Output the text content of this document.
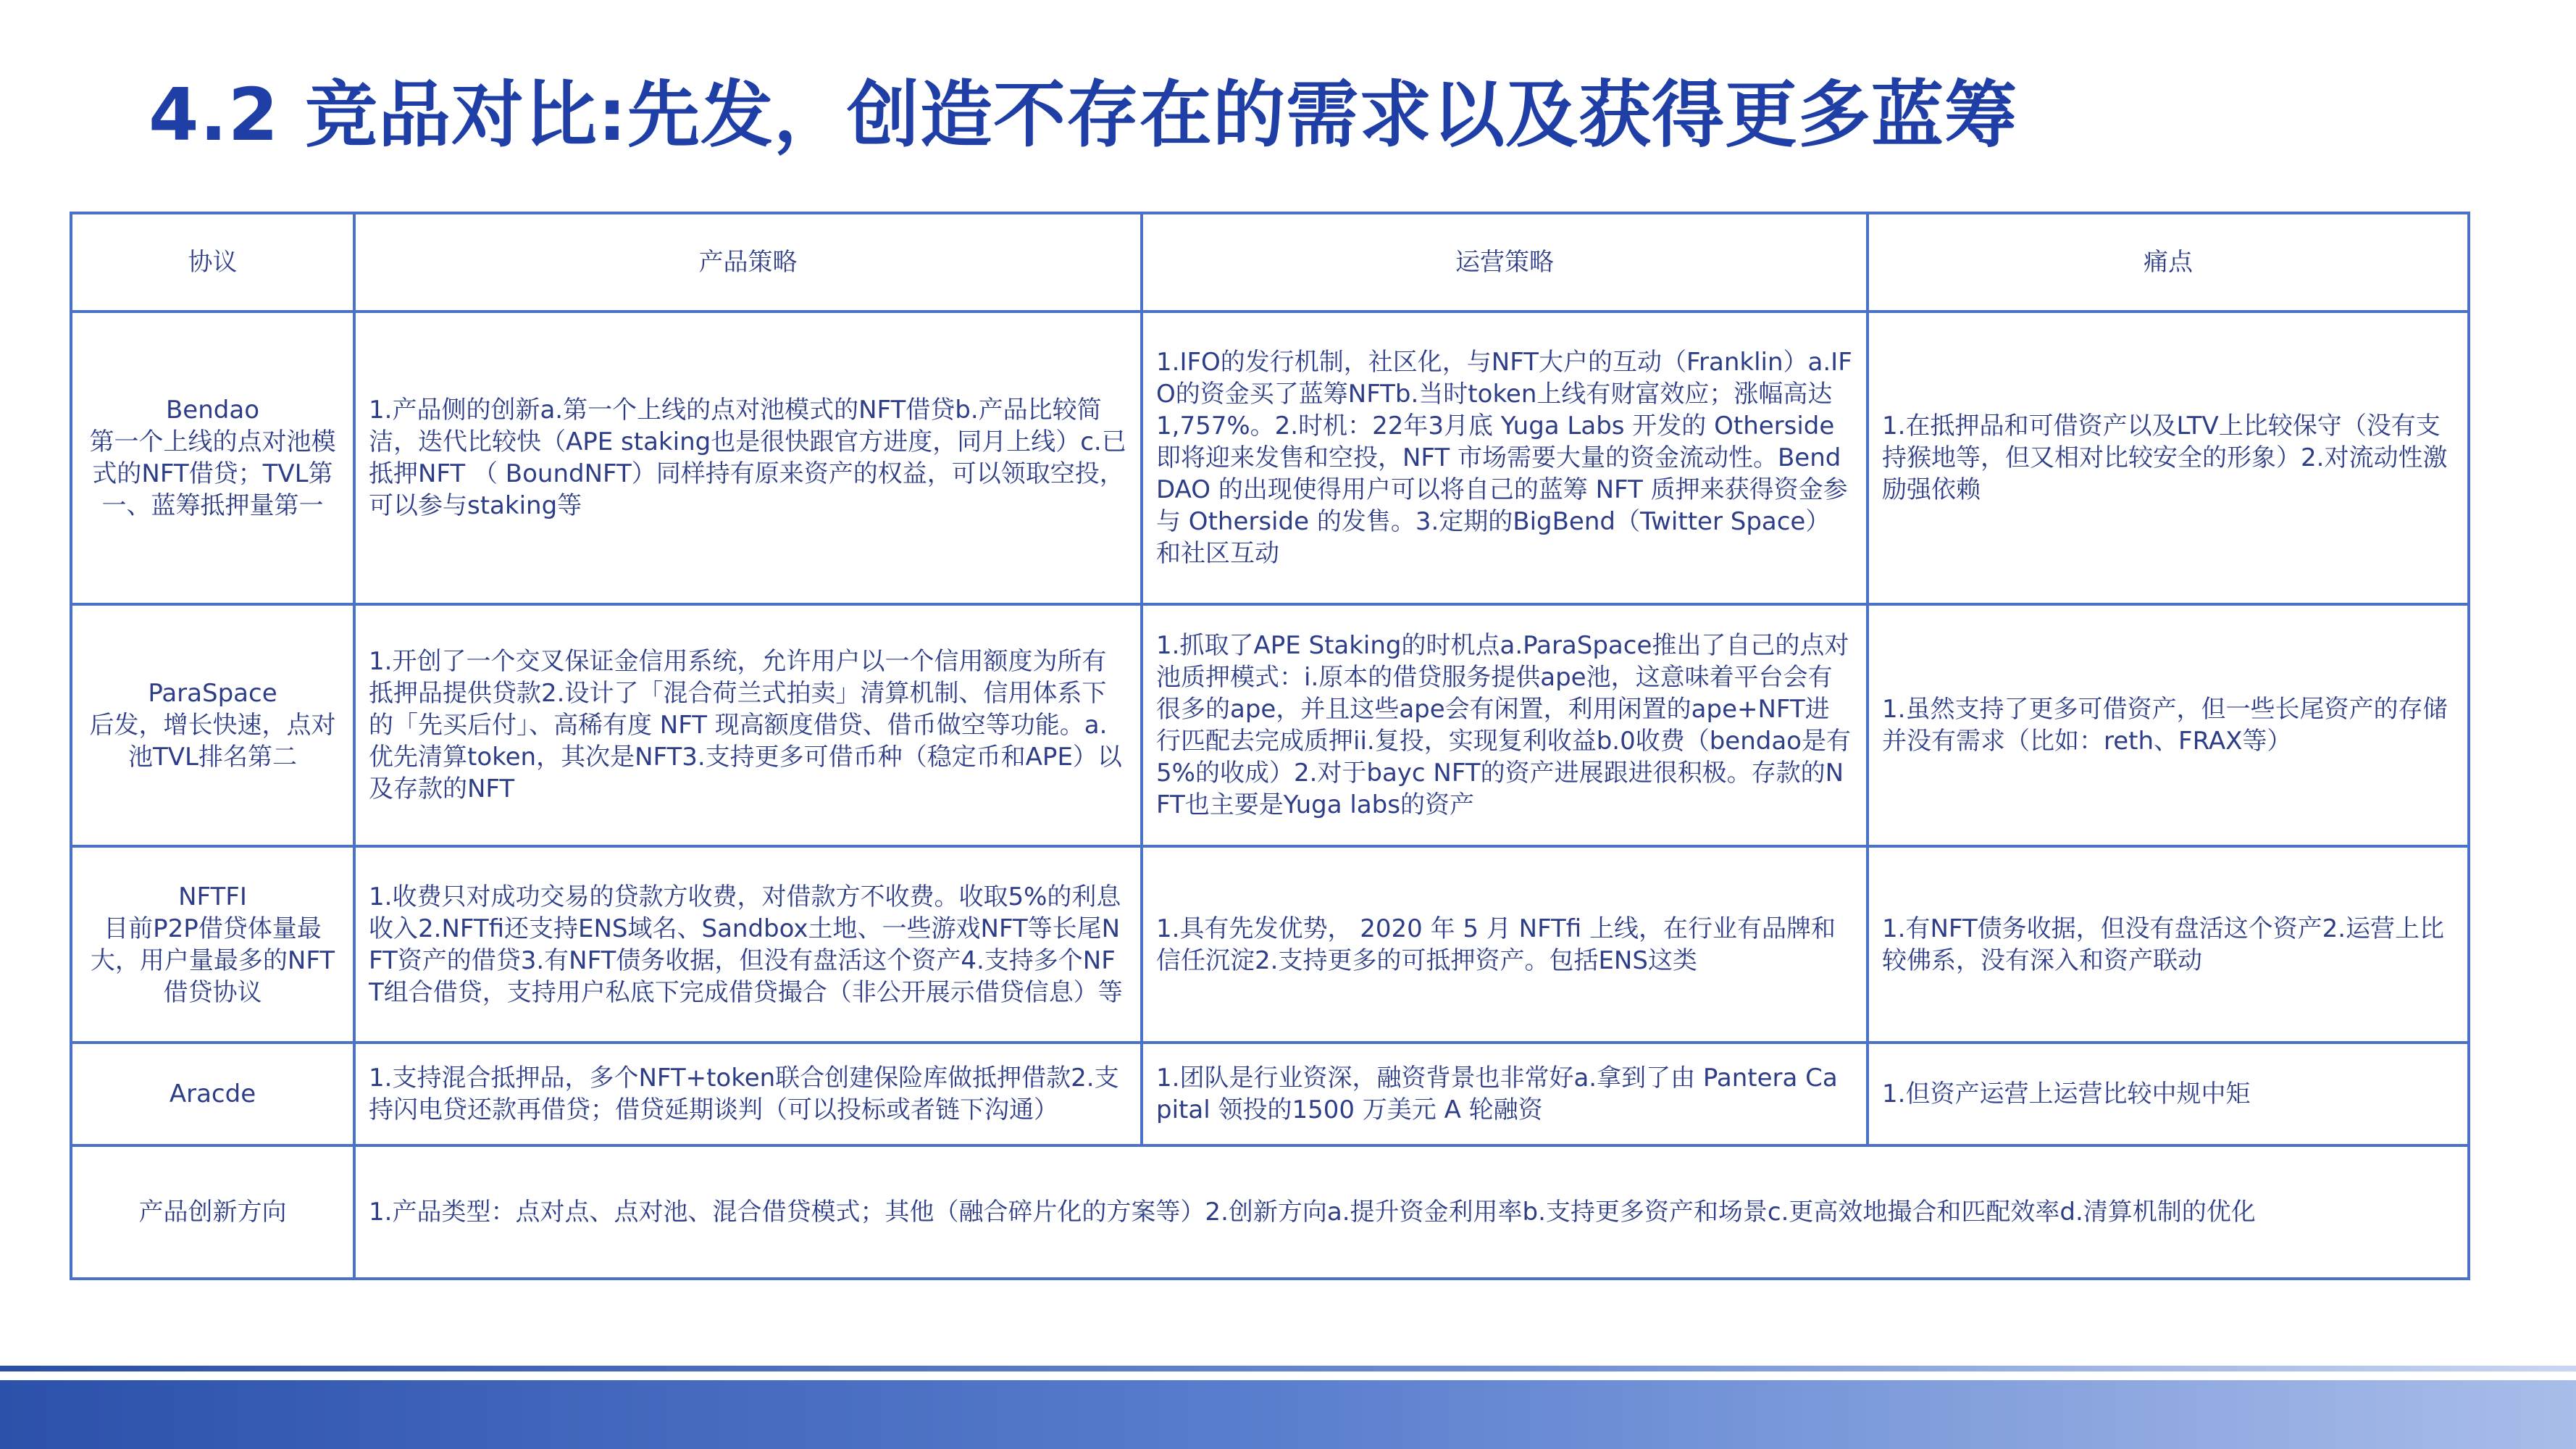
4.2 竞品对比:先发，创造不存在的需求以及获得更多蓝筹
协议	产品策略	运营策略	痛点

Bendao
第一个上线的点对池模式的NFT借贷；TVL第一、蓝筹抵押量第一	1.产品侧的创新a.第一个上线的点对池模式的NFT借贷b.产品比较简洁，迭代比较快（APE staking也是很快跟官方进度，同月上线）c.已抵押NFT （ BoundNFT）同样持有原来资产的权益，可以领取空投，可以参与staking等	1.IFO的发行机制，社区化，与NFT大户的互动（Franklin）a.IFO的资金买了蓝筹NFTb.当时token上线有财富效应；涨幅高达 1,757%。2.时机：22年3月底 Yuga Labs 开发的 Otherside 即将迎来发售和空投，NFT 市场需要大量的资金流动性。BendDAO 的出现使得用户可以将自己的蓝筹 NFT 质押来获得资金参与 Otherside 的发售。3.定期的BigBend（Twitter Space）和社区互动	1.在抵押品和可借资产以及LTV上比较保守（没有支持猴地等，但又相对比较安全的形象）2.对流动性激励强依赖

ParaSpace
后发，增长快速，点对池TVL排名第二	1.开创了一个交叉保证金信用系统，允许用户以一个信用额度为所有抵押品提供贷款2.设计了「混合荷兰式拍卖」清算机制、信用体系下的「先买后付」、高稀有度 NFT 现高额度借贷、借币做空等功能。a.优先清算token，其次是NFT3.支持更多可借币种（稳定币和APE）以及存款的NFT	1.抓取了APE Staking的时机点a.ParaSpace推出了自己的点对池质押模式：i.原本的借贷服务提供ape池，这意味着平台会有很多的ape，并且这些ape会有闲置，利用闲置的ape+NFT进行匹配去完成质押ii.复投，实现复利收益b.0收费（bendao是有5%的收成）2.对于bayc NFT的资产进展跟进很积极。存款的NFT也主要是Yuga labs的资产	1.虽然支持了更多可借资产，但一些长尾资产的存储并没有需求（比如：reth、FRAX等）

NFTFI
目前P2P借贷体量最大，用户量最多的NFT借贷协议	1.收费只对成功交易的贷款方收费，对借款方不收费。收取5%的利息收入2.NFTfi还支持ENS域名、Sandbox土地、一些游戏NFT等长尾NFT资产的借贷3.有NFT债务收据，但没有盘活这个资产4.支持多个NFT组合借贷，支持用户私底下完成借贷撮合（非公开展示借贷信息）等	1.具有先发优势， 2020 年 5 月 NFTfi 上线，在行业有品牌和信任沉淀2.支持更多的可抵押资产。包括ENS这类	1.有NFT债务收据，但没有盘活这个资产2.运营上比较佛系，没有深入和资产联动

Aracde	1.支持混合抵押品，多个NFT+token联合创建保险库做抵押借款2.支持闪电贷还款再借贷；借贷延期谈判（可以投标或者链下沟通）	1.团队是行业资深，融资背景也非常好a.拿到了由 Pantera Capital 领投的1500 万美元 A 轮融资	1.但资产运营上运营比较中规中矩
产品创新方向	1.产品类型：点对点、点对池、混合借贷模式；其他（融合碎片化的方案等）2.创新方向a.提升资金利用率b.支持更多资产和场景c.更高效地撮合和匹配效率d.清算机制的优化		
